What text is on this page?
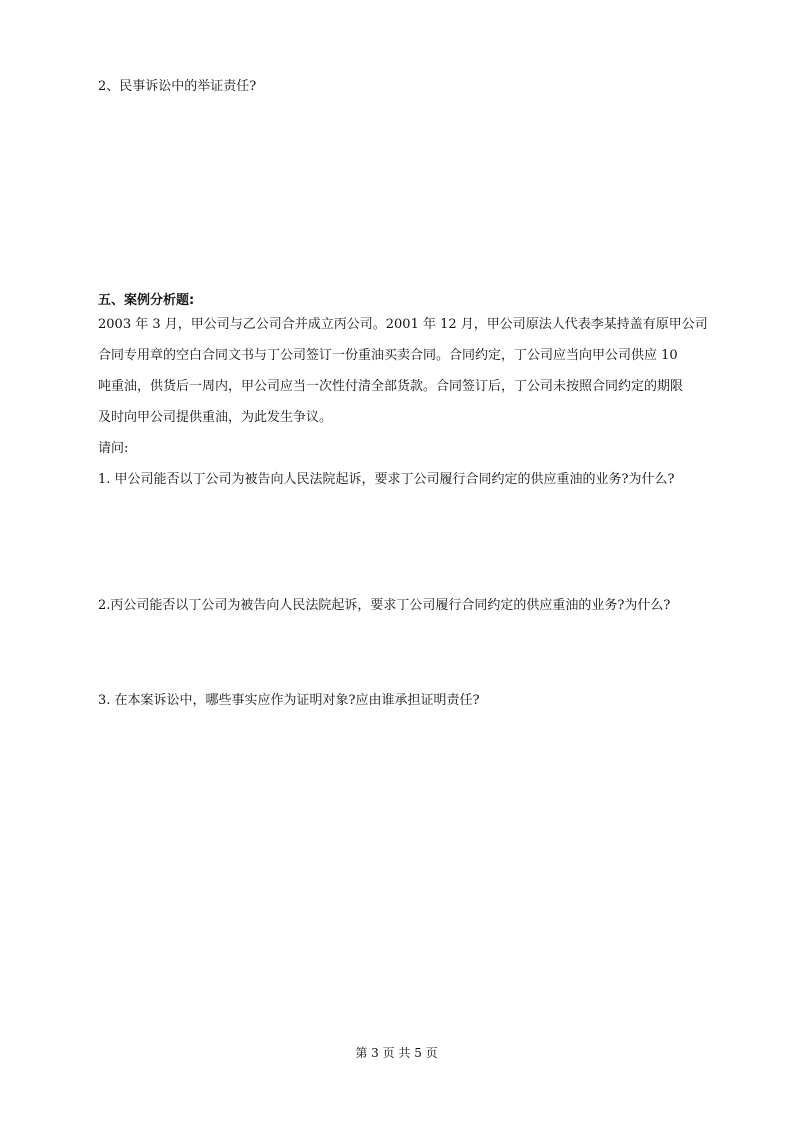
2、民事诉讼中的举证责任?
五、案例分析题:
2003 年 3 月，甲公司与乙公司合并成立丙公司。2001 年 12 月，甲公司原法人代表李某持盖有原甲公司
合同专用章的空白合同文书与丁公司签订一份重油买卖合同。合同约定，丁公司应当向甲公司供应 10
吨重油，供货后一周内，甲公司应当一次性付清全部货款。合同签订后，丁公司未按照合同约定的期限
及时向甲公司提供重油，为此发生争议。
请问:
1. 甲公司能否以丁公司为被告向人民法院起诉，要求丁公司履行合同约定的供应重油的业务?为什么?
2.丙公司能否以丁公司为被告向人民法院起诉，要求丁公司履行合同约定的供应重油的业务?为什么?
3. 在本案诉讼中，哪些事实应作为证明对象?应由谁承担证明责任?
第 3 页 共 5 页
